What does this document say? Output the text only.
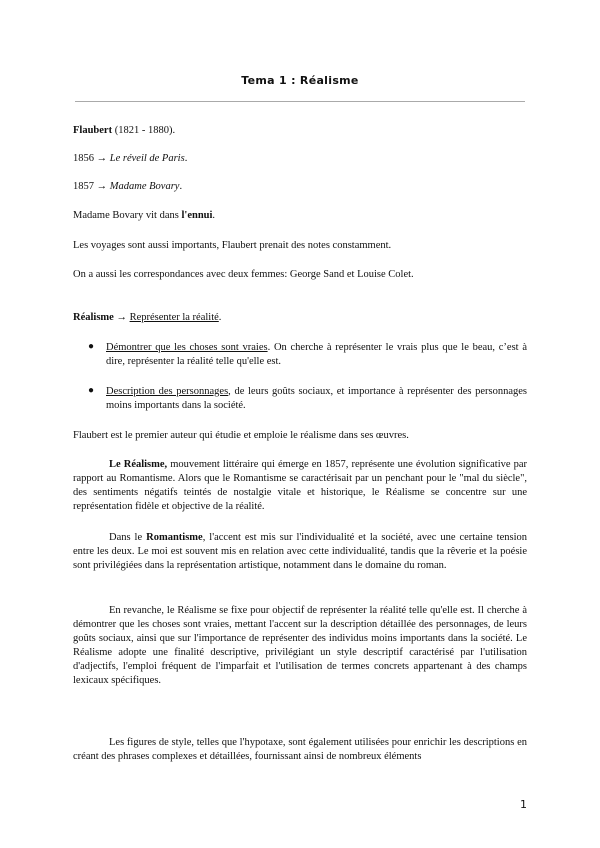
Tema 1 : Réalisme
Flaubert (1821 - 1880).
1856 → Le réveil de Paris.
1857 → Madame Bovary.
Madame Bovary vit dans l'ennui.
Les voyages sont aussi importants, Flaubert prenait des notes constamment.
On a aussi les correspondances avec deux femmes: George Sand et Louise Colet.
Réalisme → Représenter la réalité.
● Démontrer que les choses sont vraies. On cherche à représenter le vrais plus que le beau, c’est à dire, représenter la réalité telle qu'elle est.
● Description des personnages, de leurs goûts sociaux, et importance à représenter des personnages moins importants dans la société.
Flaubert est le premier auteur qui étudie et emploie le réalisme dans ses œuvres.
Le Réalisme, mouvement littéraire qui émerge en 1857, représente une évolution significative par rapport au Romantisme. Alors que le Romantisme se caractérisait par un penchant pour le "mal du siècle", des sentiments négatifs teintés de nostalgie vitale et historique, le Réalisme se concentre sur une représentation fidèle et objective de la réalité.
Dans le Romantisme, l'accent est mis sur l'individualité et la société, avec une certaine tension entre les deux. Le moi est souvent mis en relation avec cette individualité, tandis que la rêverie et la poésie sont privilégiées dans la représentation artistique, notamment dans le domaine du roman.
En revanche, le Réalisme se fixe pour objectif de représenter la réalité telle qu'elle est. Il cherche à démontrer que les choses sont vraies, mettant l'accent sur la description détaillée des personnages, de leurs goûts sociaux, ainsi que sur l'importance de représenter des individus moins importants dans la société. Le Réalisme adopte une finalité descriptive, privilégiant un style descriptif caractérisé par l'utilisation d'adjectifs, l'emploi fréquent de l'imparfait et l'utilisation de termes concrets appartenant à des champs lexicaux spécifiques.
Les figures de style, telles que l'hypotaxe, sont également utilisées pour enrichir les descriptions en créant des phrases complexes et détaillées, fournissant ainsi de nombreux éléments
1
